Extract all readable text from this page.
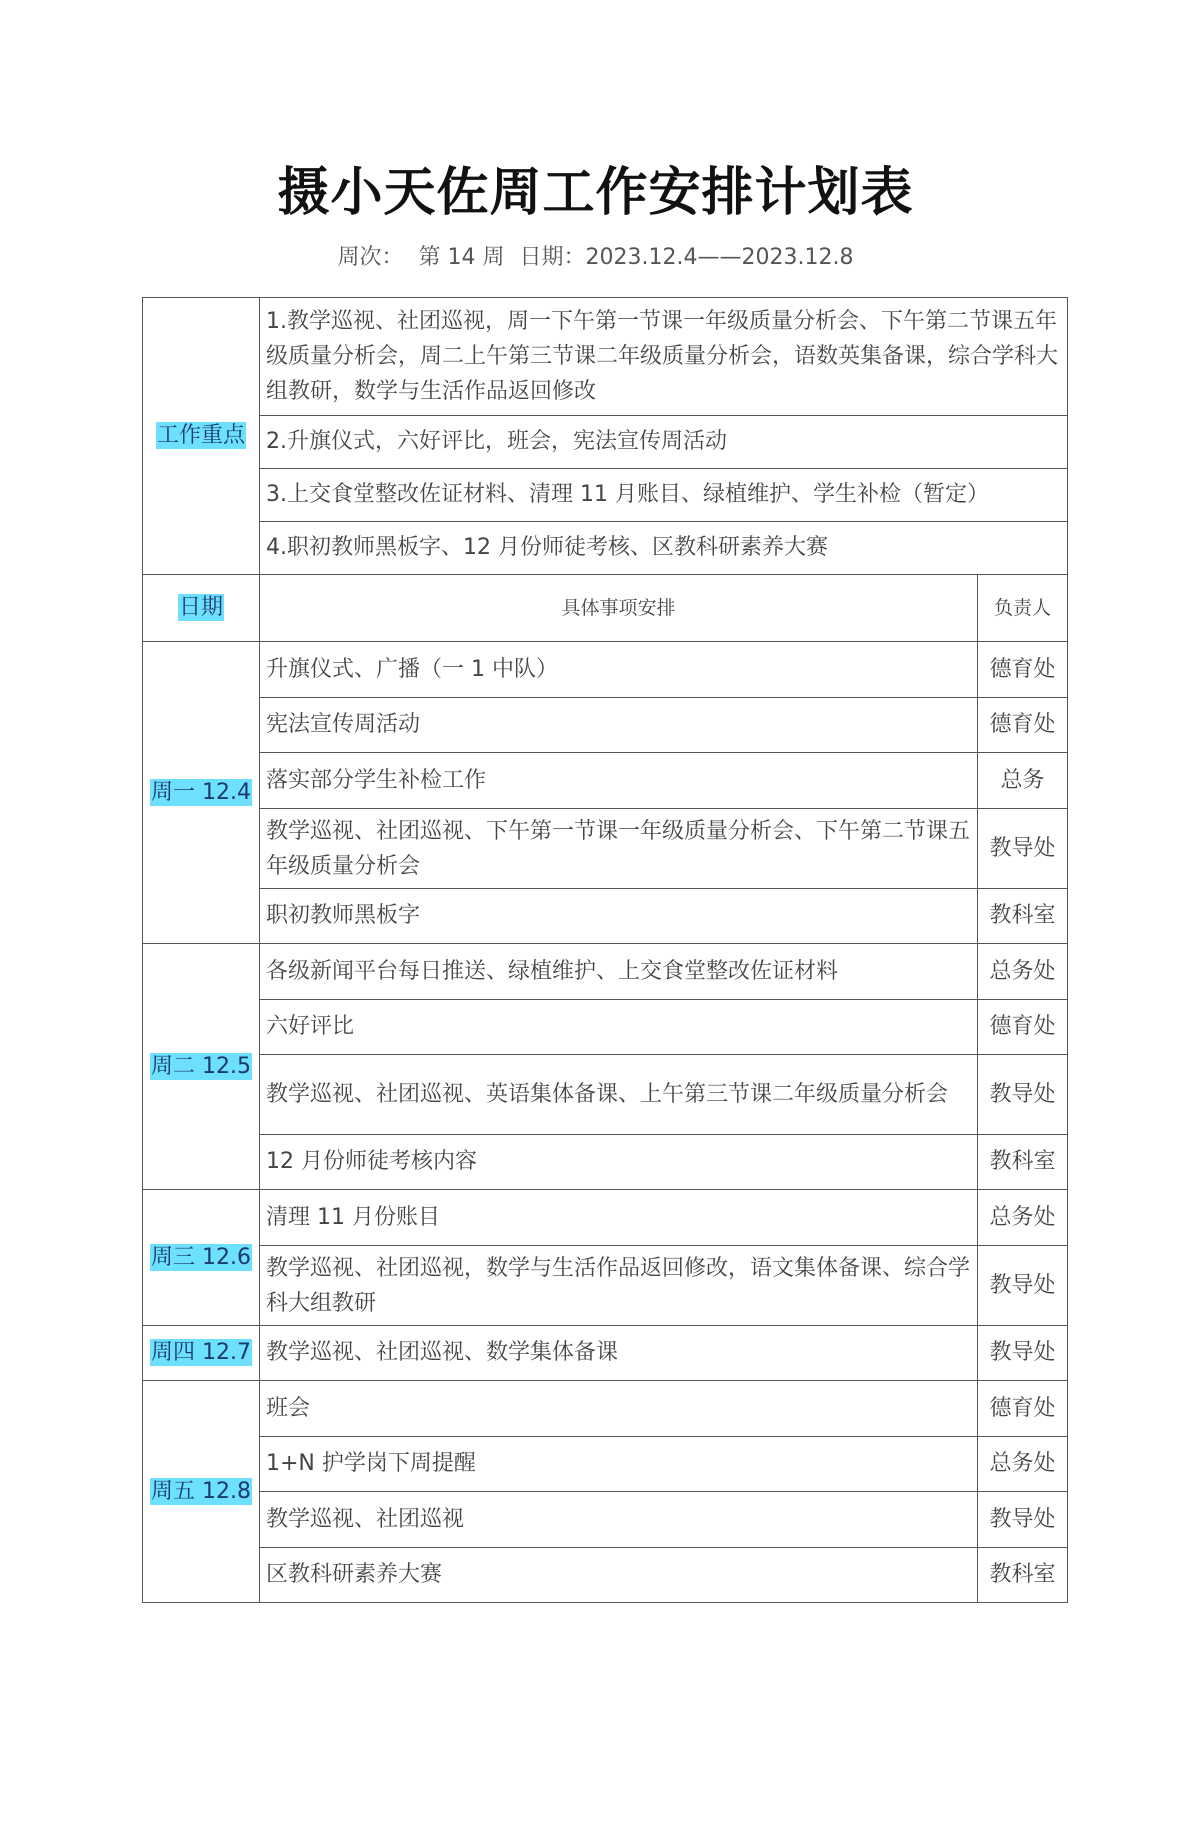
摄小天佐周工作安排计划表
周次： 第 14 周 日期：2023.12.4——2023.12.8
工作重点	1.教学巡视、社团巡视，周一下午第一节课一年级质量分析会、下午第二节课五年级质量分析会，周二上午第三节课二年级质量分析会，语数英集备课，综合学科大组教研，数学与生活作品返回修改	
	2.升旗仪式，六好评比，班会，宪法宣传周活动	
	3.上交食堂整改佐证材料、清理 11 月账目、绿植维护、学生补检（暂定）	
	4.职初教师黑板字、12 月份师徒考核、区教科研素养大赛	
日期	具体事项安排	负责人
周一 12.4	升旗仪式、广播（一 1 中队）	德育处
	宪法宣传周活动	德育处
	落实部分学生补检工作	总务
	教学巡视、社团巡视、下午第一节课一年级质量分析会、下午第二节课五年级质量分析会	教导处
	职初教师黑板字	教科室
周二 12.5	各级新闻平台每日推送、绿植维护、上交食堂整改佐证材料	总务处
	六好评比	德育处
	教学巡视、社团巡视、英语集体备课、上午第三节课二年级质量分析会	教导处
	12 月份师徒考核内容	教科室
周三 12.6	清理 11 月份账目	总务处
	教学巡视、社团巡视，数学与生活作品返回修改，语文集体备课、综合学科大组教研	教导处
周四 12.7	教学巡视、社团巡视、数学集体备课	教导处
周五 12.8	班会	德育处
	1+N 护学岗下周提醒	总务处
	教学巡视、社团巡视	教导处
	区教科研素养大赛	教科室
